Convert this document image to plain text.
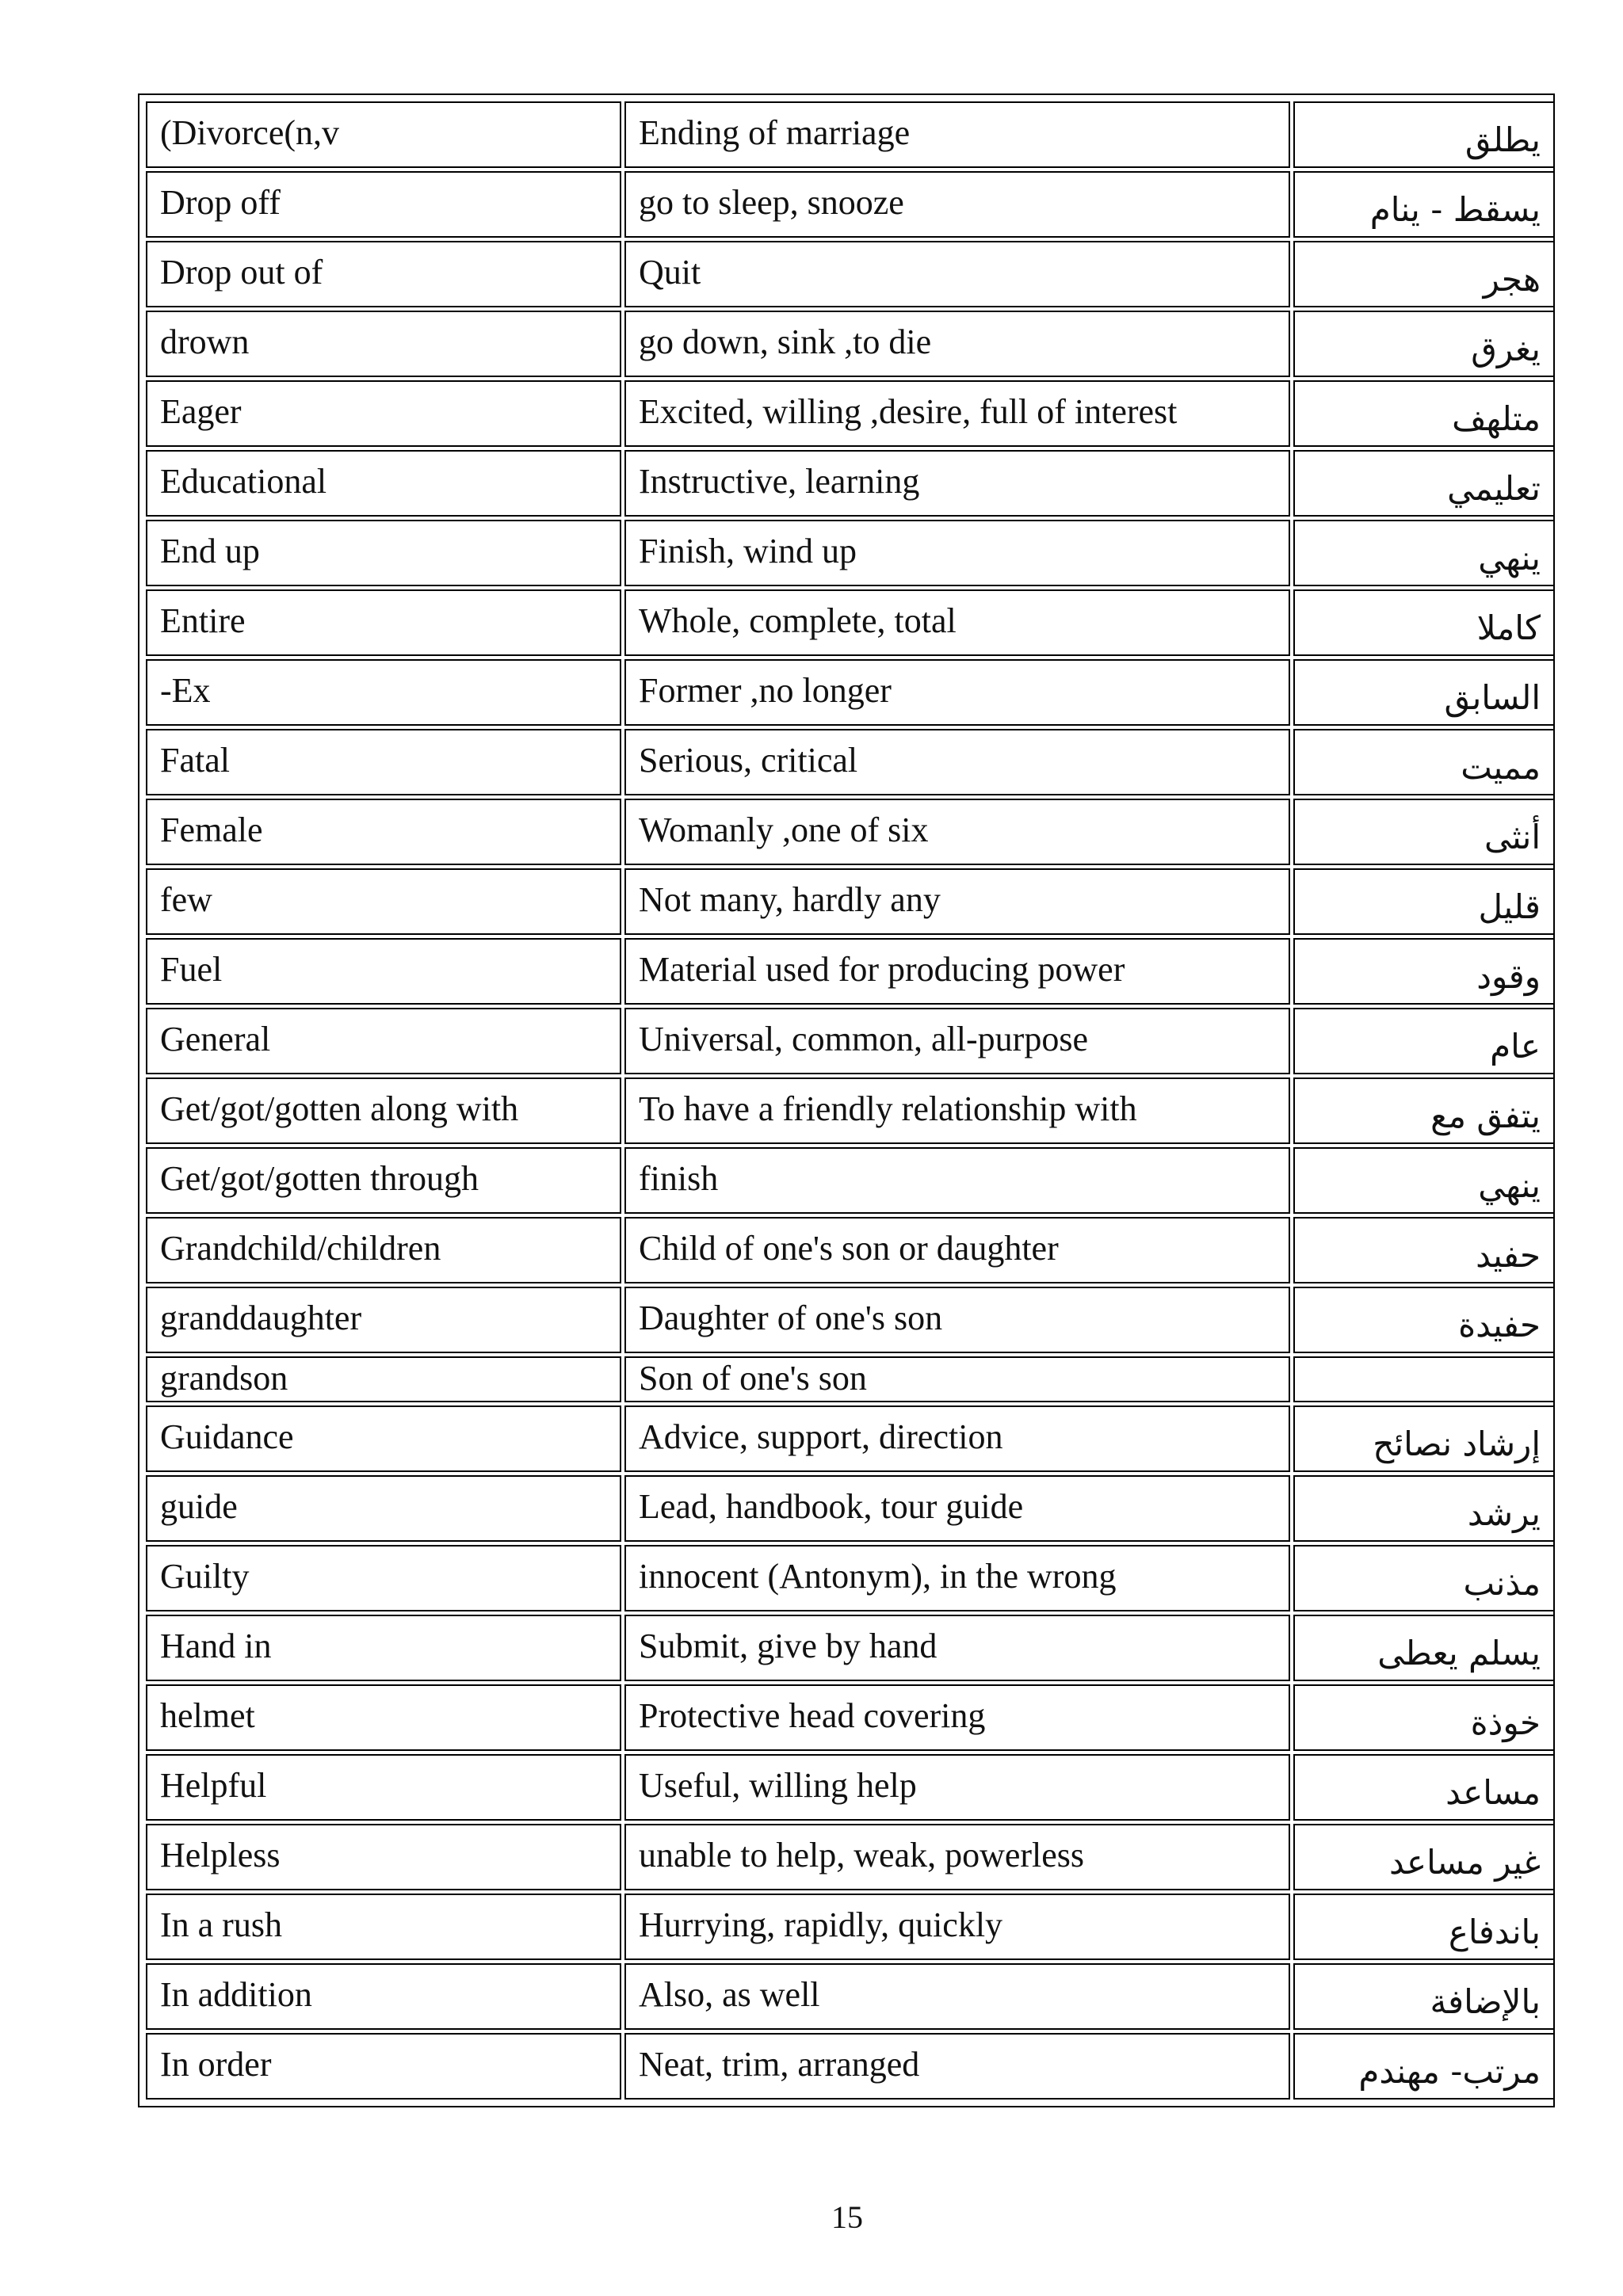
(Divorce(n,v	Ending of marriage	يطلق
Drop off	go to sleep, snooze	يسقط - ينام
Drop out of	Quit	هجر
drown	go down, sink ,to die	يغرق
Eager	Excited, willing ,desire, full of interest	متلهف
Educational	Instructive, learning	تعليمي
End up	Finish, wind up	ينهي
Entire	Whole, complete, total	كاملا
-Ex	Former ,no longer	السابق
Fatal	Serious, critical	مميت
Female	Womanly ,one of six	أنثى
few	Not many, hardly any	قليل
Fuel	Material used for producing power	وقود
General	Universal, common, all-purpose	عام
Get/got/gotten along with	To have a friendly relationship with	يتفق مع
Get/got/gotten through	finish	ينهي
Grandchild/children	Child of one's son or daughter	حفيد
granddaughter	Daughter of one's son	حفيدة
grandson	Son of one's son	
Guidance	Advice, support, direction	إرشاد نصائح
guide	Lead, handbook, tour guide	يرشد
Guilty	innocent (Antonym), in the wrong	مذنب
Hand in	Submit, give by hand	يسلم يعطى
helmet	Protective head covering	خوذة
Helpful	Useful, willing help	مساعد
Helpless	unable to help, weak, powerless	غير مساعد
In a rush	Hurrying, rapidly, quickly	باندفاع
In addition	Also, as well	بالإضافة
In order	Neat, trim, arranged	مرتب- مهندم
15
